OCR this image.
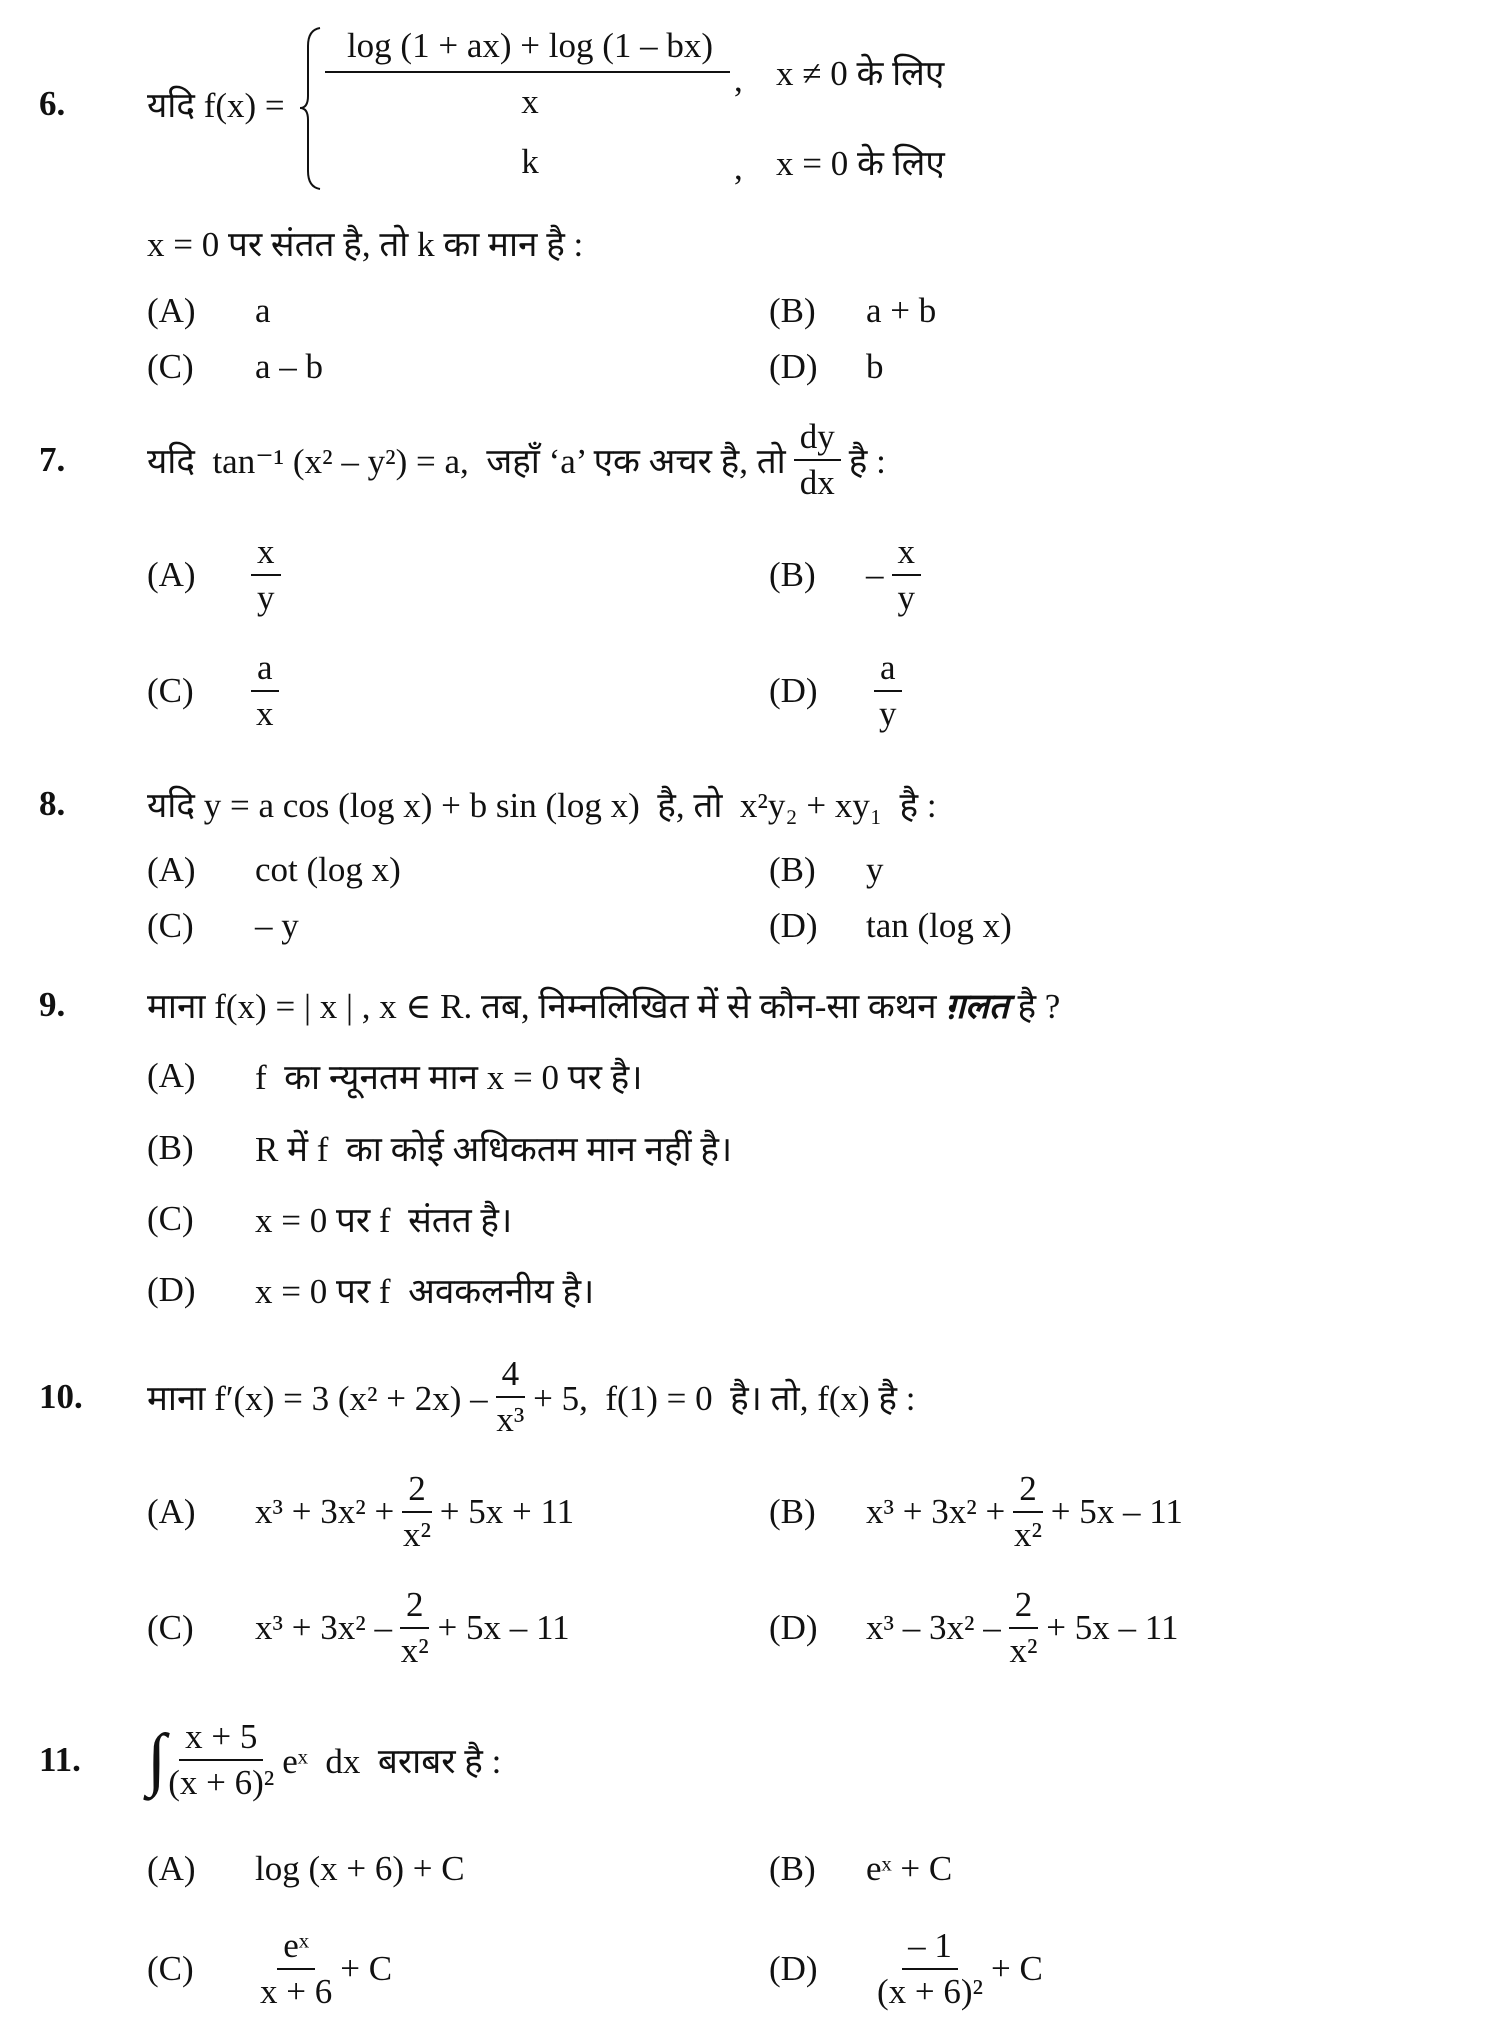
6. यदि f(x) =
log (1 + ax) + log (1 – bx)
x
, x ≠ 0 के लिए
k	, x = 0 के लिए
x = 0 पर संतत है, तो k का मान है :
(A) a	(B) a + b
(C) a – b	(D) b
7. यदि  tan⁻¹ (x² – y²) = a,  जहाँ ‘a’ एक अचर है, तो $\frac{dy}{dx}$ है :
$(A) \frac{x}{y}$	$(B) - \frac{x}{y}$
$(C) \frac{a}{x}$	$(D) \frac{a}{y}$
8. यदि y = a cos (log x) + b sin (log x)  है, तो  x²y₂ + xy₁  है :
(A) cot (log x)	(B) y
(C) – y	(D) tan (log x)
9. माना f(x) = | x | , x ∈ R. तब, निम्नलिखित में से कौन-सा कथन ग़लत है ?
(A) f  का न्यूनतम मान x = 0 पर है।
(B) R में f  का कोई अधिकतम मान नहीं है।
(C) x = 0 पर f  संतत है।
(D) x = 0 पर f  अवकलनीय है।
10. माना f′(x) = 3 $(x^2 + 2x) - \frac{4}{\text{x³}} + 5$,  f(1) = 0  है। तो, f(x) है :
(A) $x^3 + 3x^2 + \frac{2}{\text{x²}} + 5x + 11$	(B) $x^3 + 3x^2 + \frac{2}{\text{x²}} + 5x - 11$
(C) $x^3 + 3x^2 - \frac{2}{\text{x²}} + 5x - 11$	(D) $x^3 - 3x^2 - \frac{2}{\text{x²}} + 5x - 11$
11. ∫ $\frac{x + 5}{\text{(x + 6)²}}$ eˣ  dx  बराबर है :
(A) log (x + 6) + C	(B) eˣ + C
$(C) \frac{\text{eˣ}}{x + 6} + C$	$(D) \frac{- 1}{\text{(x + 6)²}} + C$
